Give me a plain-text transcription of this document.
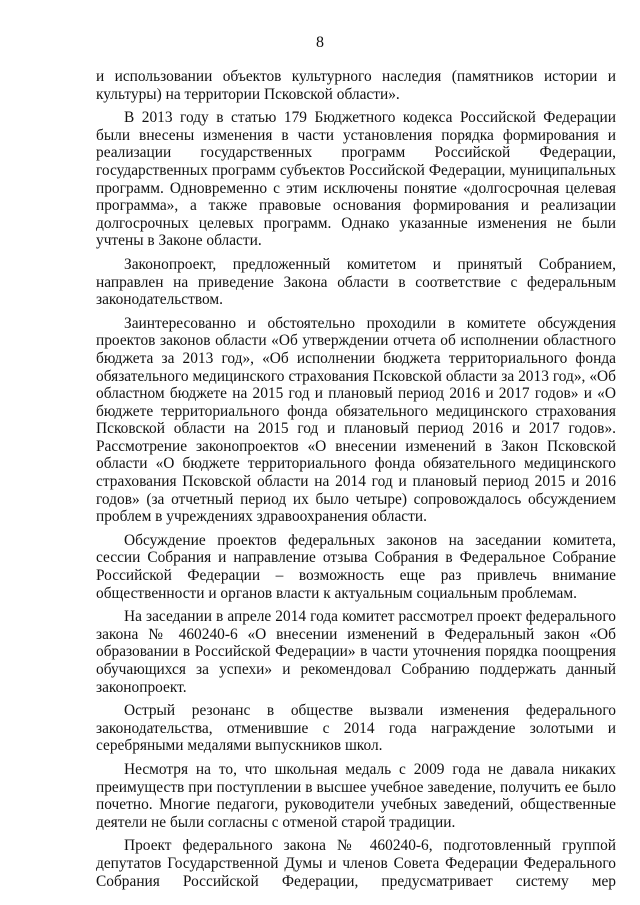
8

и использовании объектов культурного наследия (памятников истории и культуры) на территории Псковской области».

В 2013 году в статью 179 Бюджетного кодекса Российской Федерации были внесены изменения в части установления порядка формирования и реализации государственных программ Российской Федерации, государственных программ субъектов Российской Федерации, муниципальных программ. Одновременно с этим исключены понятие «долгосрочная целевая программа», а также правовые основания формирования и реализации долгосрочных целевых программ. Однако указанные изменения не были учтены в Законе области.

Законопроект, предложенный комитетом и принятый Собранием, направлен на приведение Закона области в соответствие с федеральным законодательством.

Заинтересованно и обстоятельно проходили в комитете обсуждения проектов законов области «Об утверждении отчета об исполнении областного бюджета за 2013 год», «Об исполнении бюджета территориального фонда обязательного медицинского страхования Псковской области за 2013 год», «Об областном бюджете на 2015 год и плановый период 2016 и 2017 годов» и «О бюджете территориального фонда обязательного медицинского страхования Псковской области на 2015 год и плановый период 2016 и 2017 годов». Рассмотрение законопроектов «О внесении изменений в Закон Псковской области «О бюджете территориального фонда обязательного медицинского страхования Псковской области на 2014 год и плановый период 2015 и 2016 годов» (за отчетный период их было четыре) сопровождалось обсуждением проблем в учреждениях здравоохранения области.

Обсуждение проектов федеральных законов на заседании комитета, сессии Собрания и направление отзыва Собрания в Федеральное Собрание Российской Федерации – возможность еще раз привлечь внимание общественности и органов власти к актуальным социальным проблемам.

На заседании в апреле 2014 года комитет рассмотрел проект федерального закона № 460240-6 «О внесении изменений в Федеральный закон «Об образовании в Российской Федерации» в части уточнения порядка поощрения обучающихся за успехи» и рекомендовал Собранию поддержать данный законопроект.

Острый резонанс в обществе вызвали изменения федерального законодательства, отменившие с 2014 года награждение золотыми и серебряными медалями выпускников школ.

Несмотря на то, что школьная медаль с 2009 года не давала никаких преимуществ при поступлении в высшее учебное заведение, получить ее было почетно. Многие педагоги, руководители учебных заведений, общественные деятели не были согласны с отменой старой традиции.

Проект федерального закона № 460240-6, подготовленный группой депутатов Государственной Думы и членов Совета Федерации Федерального Собрания Российской Федерации, предусматривает систему мер
